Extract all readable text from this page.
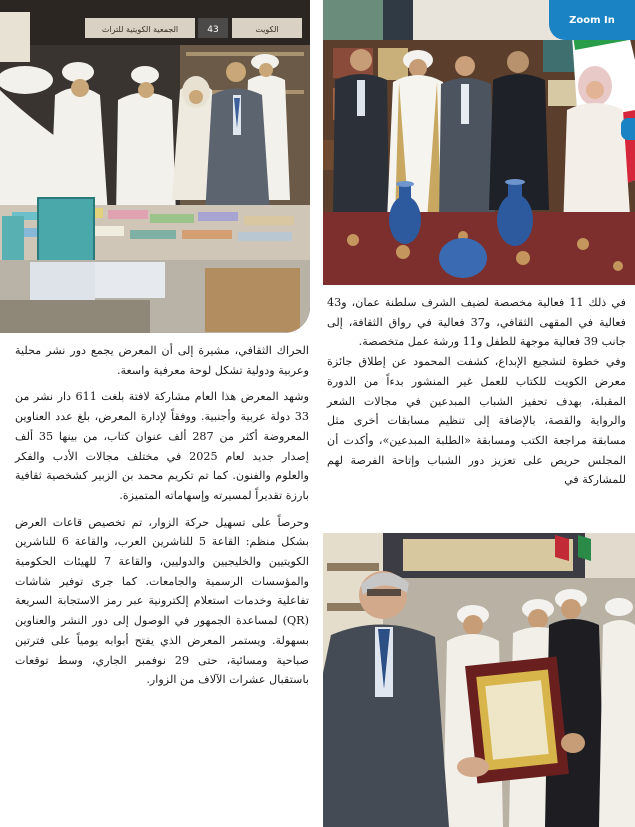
الجمعية الكويتية للتراث	43	الكويت
Zoom In

في ذلك 11 فعالية مخصصة لضيف الشرف سلطنة عمان، و43 فعالية في المقهى الثقافي، و37 فعالية في رواق الثقافة، إلى جانب 39 فعالية موجهة للطفل و11 ورشة عمل متخصصة.

وفي خطوة لتشجيع الإبداع، كشفت المحمود عن إطلاق جائزة معرض الكويت للكتاب للعمل غير المنشور بدءاً من الدورة المقبلة، بهدف تحفيز الشباب المبدعين في مجالات الشعر والرواية والقصة، بالإضافة إلى تنظيم مسابقات أخرى مثل مسابقة مراجعة الكتب ومسابقة «الطلبة المبدعين»، وأكدت أن المجلس حريص على تعزيز دور الشباب وإتاحة الفرصة لهم للمشاركة في

الحراك الثقافي، مشيرة إلى أن المعرض يجمع دور نشر محلية وعربية ودولية تشكل لوحة معرفية واسعة.

وشهد المعرض هذا العام مشاركة لافتة بلغت 611 دار نشر من 33 دولة عربية وأجنبية. ووفقاً لإدارة المعرض، بلغ عدد العناوين المعروضة أكثر من 287 ألف عنوان كتاب، من بينها 35 ألف إصدار جديد لعام 2025 في مختلف مجالات الأدب والفكر والعلوم والفنون. كما تم تكريم محمد بن الزبير كشخصية ثقافية بارزة تقديراً لمسيرته وإسهاماته المتميزة.

وحرصاً على تسهيل حركة الزوار، تم تخصيص قاعات العرض بشكل منظم: القاعة 5 للناشرين العرب، والقاعة 6 للناشرين الكويتيين والخليجيين والدوليين، والقاعة 7 للهيئات الحكومية والمؤسسات الرسمية والجامعات. كما جرى توفير شاشات تفاعلية وخدمات استعلام إلكترونية عبر رمز الاستجابة السريعة (QR) لمساعدة الجمهور في الوصول إلى دور النشر والعناوين بسهولة. ويستمر المعرض الذي يفتح أبوابه يومياً على فترتين صباحية ومسائية، حتى 29 نوفمبر الجاري، وسط توقعات باستقبال عشرات الآلاف من الزوار.
